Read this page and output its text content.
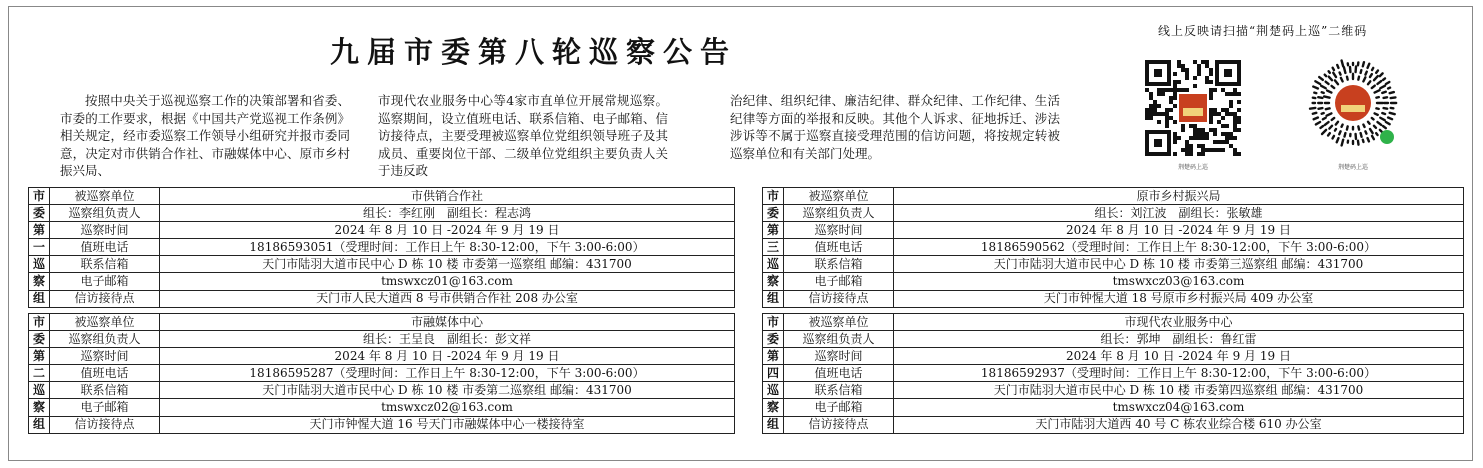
九届市委第八轮巡察公告

按照中央关于巡视巡察工作的决策部署和省委、市委的工作要求，根据《中国共产党巡视工作条例》相关规定，经市委巡察工作领导小组研究并报市委同意，决定对市供销合作社、市融媒体中心、原市乡村振兴局、

市现代农业服务中心等4家市直单位开展常规巡察。巡察期间，设立值班电话、联系信箱、电子邮箱、信访接待点，主要受理被巡察单位党组织领导班子及其成员、重要岗位干部、二级单位党组织主要负责人关于违反政

治纪律、组织纪律、廉洁纪律、群众纪律、工作纪律、生活纪律等方面的举报和反映。其他个人诉求、征地拆迁、涉法涉诉等不属于巡察直接受理范围的信访问题，将按规定转被巡察单位和有关部门处理。

线上反映请扫描“荆楚码上巡”二维码
荆楚码上巡	荆楚码上巡
市	被巡察单位	市供销合作社
委	巡察组负责人	组长：李红刚　副组长：程志鸿
第	巡察时间	2024 年 8 月 10 日 -2024 年 9 月 19 日
一	值班电话	18186593051（受理时间：工作日上午 8:30-12:00，下午 3:00-6:00）
巡	联系信箱	天门市陆羽大道市民中心 D 栋 10 楼 市委第一巡察组 邮编：431700
察	电子邮箱	tmswxcz01@163.com
组	信访接待点	天门市人民大道西 8 号市供销合作社 208 办公室
市	被巡察单位	市融媒体中心
委	巡察组负责人	组长：王呈良　副组长：彭文祥
第	巡察时间	2024 年 8 月 10 日 -2024 年 9 月 19 日
二	值班电话	18186595287（受理时间：工作日上午 8:30-12:00，下午 3:00-6:00）
巡	联系信箱	天门市陆羽大道市民中心 D 栋 10 楼 市委第二巡察组 邮编：431700
察	电子邮箱	tmswxcz02@163.com
组	信访接待点	天门市钟惺大道 16 号天门市融媒体中心一楼接待室
市	被巡察单位	原市乡村振兴局
委	巡察组负责人	组长：刘江波　副组长：张敏雄
第	巡察时间	2024 年 8 月 10 日 -2024 年 9 月 19 日
三	值班电话	18186590562（受理时间：工作日上午 8:30-12:00，下午 3:00-6:00）
巡	联系信箱	天门市陆羽大道市民中心 D 栋 10 楼 市委第三巡察组 邮编：431700
察	电子邮箱	tmswxcz03@163.com
组	信访接待点	天门市钟惺大道 18 号原市乡村振兴局 409 办公室
市	被巡察单位	市现代农业服务中心
委	巡察组负责人	组长：郭坤　副组长：鲁红雷
第	巡察时间	2024 年 8 月 10 日 -2024 年 9 月 19 日
四	值班电话	18186592937（受理时间：工作日上午 8:30-12:00，下午 3:00-6:00）
巡	联系信箱	天门市陆羽大道市民中心 D 栋 10 楼 市委第四巡察组 邮编：431700
察	电子邮箱	tmswxcz04@163.com
组	信访接待点	天门市陆羽大道西 40 号 C 栋农业综合楼 610 办公室
